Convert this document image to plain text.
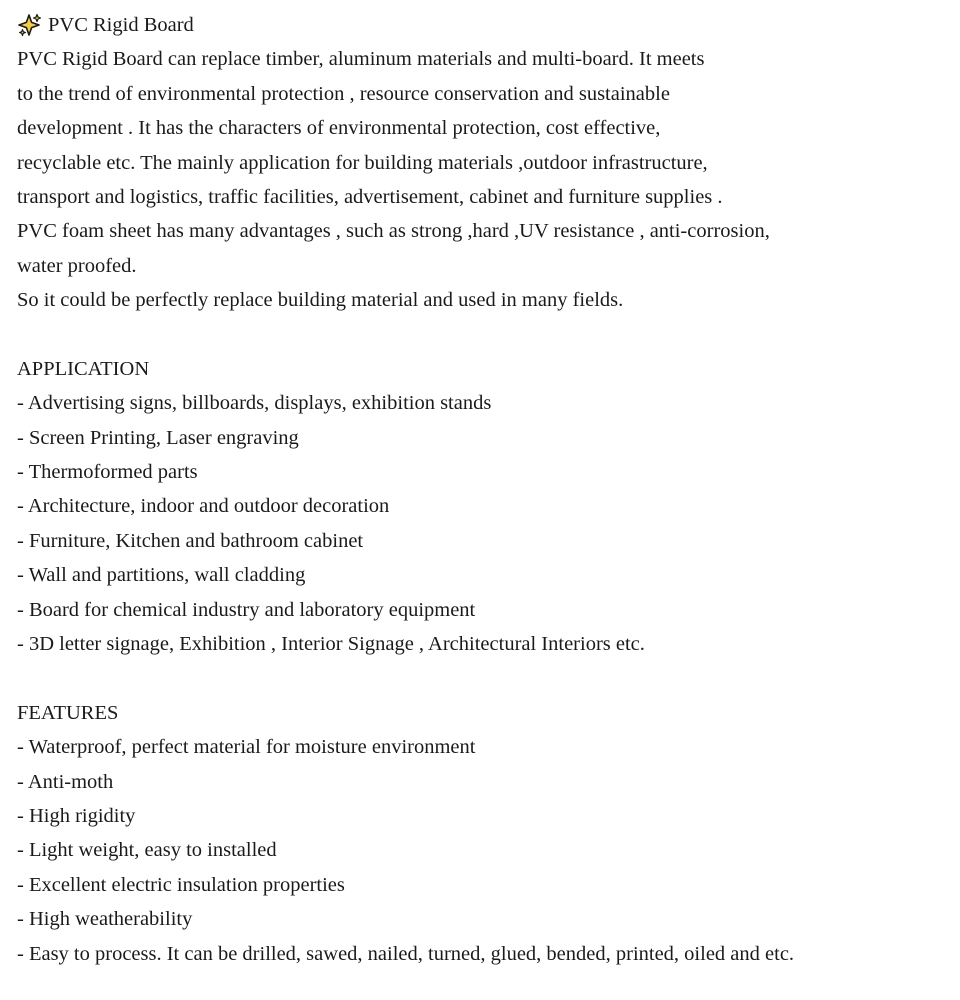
PVC Rigid Board
PVC Rigid Board can replace timber, aluminum materials and multi-board. It meets
to the trend of environmental protection , resource conservation and sustainable
development . It has the characters of environmental protection, cost effective,
recyclable etc. The mainly application for building materials ,outdoor infrastructure,
transport and logistics, traffic facilities, advertisement, cabinet and furniture supplies .
PVC foam sheet has many advantages , such as strong ,hard ,UV resistance , anti-corrosion,
water proofed.
So it could be perfectly replace building material and used in many fields.
APPLICATION
- Advertising signs, billboards, displays, exhibition stands
- Screen Printing, Laser engraving
- Thermoformed parts
- Architecture, indoor and outdoor decoration
- Furniture, Kitchen and bathroom cabinet
- Wall and partitions, wall cladding
- Board for chemical industry and laboratory equipment
- 3D letter signage, Exhibition , Interior Signage , Architectural Interiors etc.
FEATURES
- Waterproof, perfect material for moisture environment
- Anti-moth
- High rigidity
- Light weight, easy to installed
- Excellent electric insulation properties
- High weatherability
- Easy to process. It can be drilled, sawed, nailed, turned, glued, bended, printed, oiled and etc.
